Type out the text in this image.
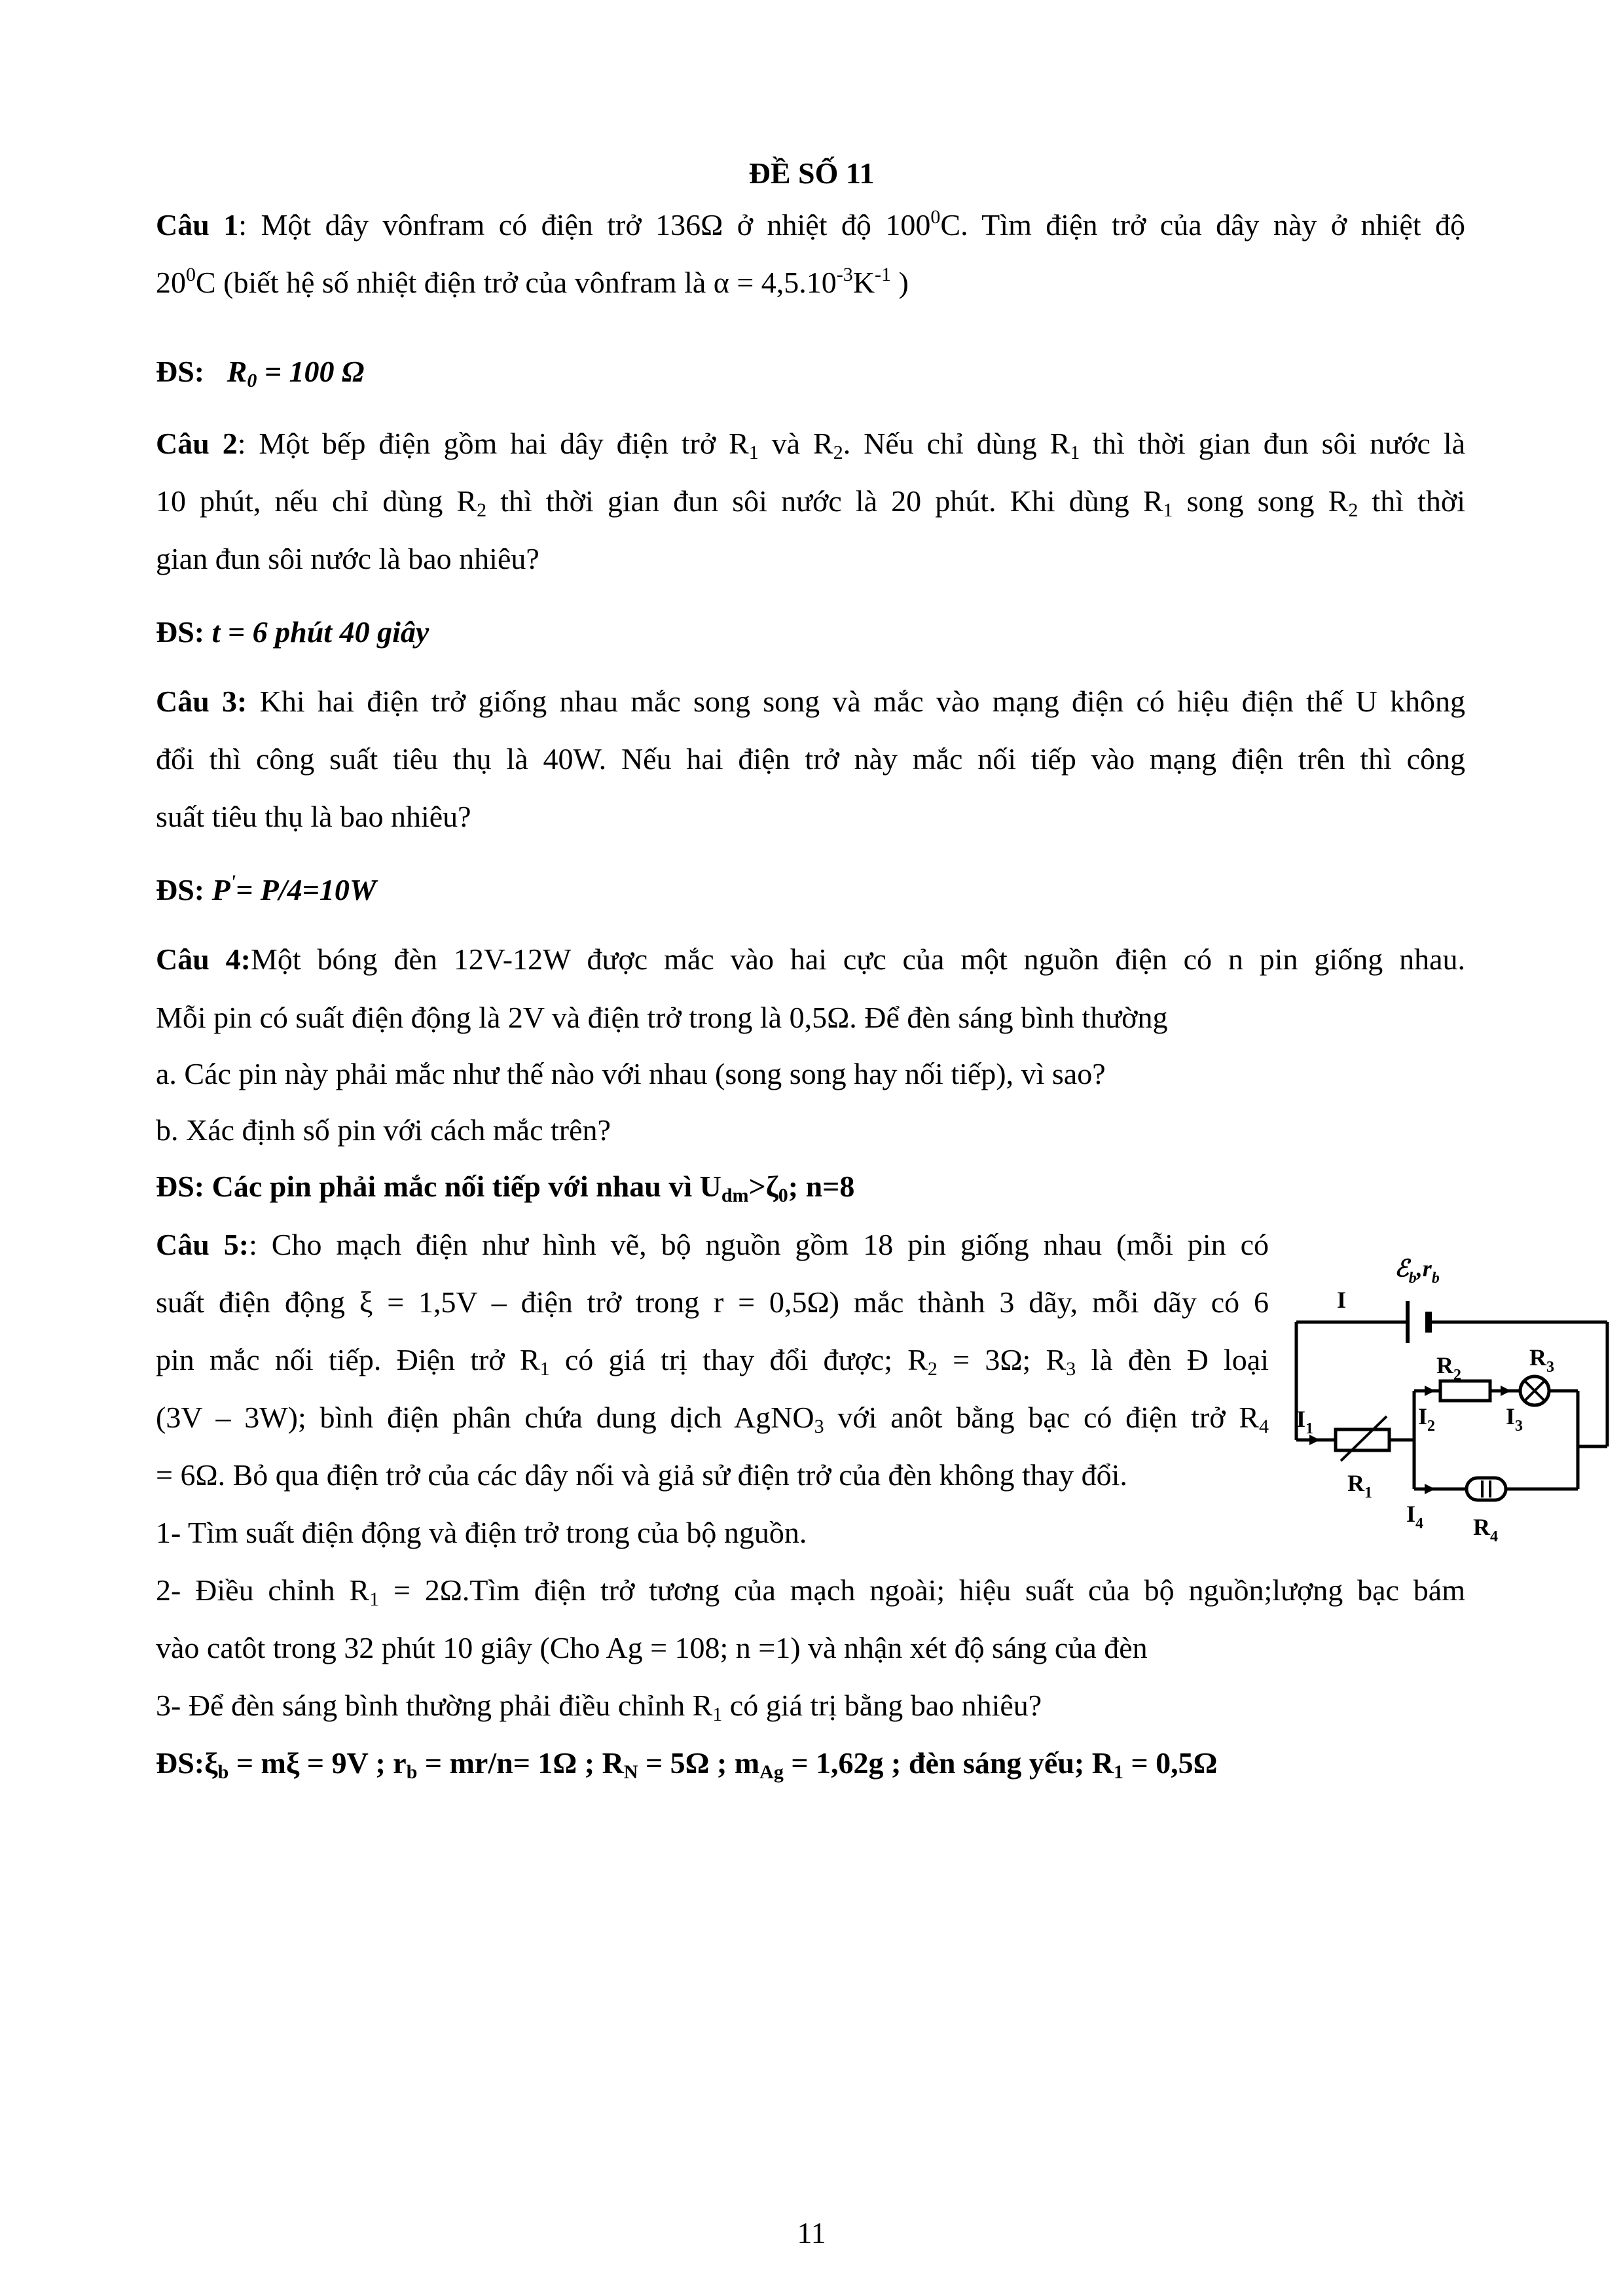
ĐỀ SỐ 11
Câu 1: Một dây vônfram có điện trở 136Ω ở nhiệt độ $100^0C$. Tìm điện trở của dây này ở nhiệt độ
$20^0C$ (biết hệ số nhiệt điện trở của vônfram là $\alpha = 4,5.10^{-3}K^{-1}$ )
ĐS: $R_0 = 100$ Ω
Câu 2: Một bếp điện gồm hai dây điện trở $R_1$ và $R_2$. Nếu chỉ dùng $R_1$ thì thời gian đun sôi nước là
10 phút, nếu chỉ dùng $R_2$ thì thời gian đun sôi nước là 20 phút. Khi dùng $R_1$ song song $R_2$ thì thời
gian đun sôi nước là bao nhiêu?
ĐS: t = 6 phút 40 giây
Câu 3: Khi hai điện trở giống nhau mắc song song và mắc vào mạng điện có hiệu điện thế U không
đổi thì công suất tiêu thụ là 40W. Nếu hai điện trở này mắc nối tiếp vào mạng điện trên thì công
suất tiêu thụ là bao nhiêu?
ĐS: P'= P/4=10W
Câu 4:Một bóng đèn 12V-12W được mắc vào hai cực của một nguồn điện có n pin giống nhau.
Mỗi pin có suất điện động là 2V và điện trở trong là 0,5Ω. Để đèn sáng bình thường
a. Các pin này phải mắc như thế nào với nhau (song song hay nối tiếp), vì sao?
b. Xác định số pin với cách mắc trên?
ĐS: Các pin phải mắc nối tiếp với nhau vì $U_{dm}>\zeta_0$; n=8
Câu 5:: Cho mạch điện như hình vẽ, bộ nguồn gồm 18 pin giống nhau (mỗi pin có
suất điện động ξ = 1,5V – điện trở trong r = 0,5Ω) mắc thành 3 dãy, mỗi dãy có 6
pin mắc nối tiếp. Điện trở $R_1$ có giá trị thay đổi được; $R_2 = 3\Omega$; $R_3$ là đèn Đ loại
(3V – 3W); bình điện phân chứa dung dịch AgNO$_3$ với anôt bằng bạc có điện trở $R_4$
= 6Ω. Bỏ qua điện trở của các dây nối và giả sử điện trở của đèn không thay đổi.
1- Tìm suất điện động và điện trở trong của bộ nguồn.
2- Điều chỉnh $R_1$ = 2Ω.Tìm điện trở tương của mạch ngoài; hiệu suất của bộ nguồn;lượng bạc bám
vào catôt trong 32 phút 10 giây (Cho Ag = 108; n =1) và nhận xét độ sáng của đèn
3- Để đèn sáng bình thường phải điều chỉnh $R_1$ có giá trị bằng bao nhiêu?
$ĐS:\xi_b = m\xi = 9V$ ; $r_b = mr/n= 1\Omega$ ; $R_N = 5\Omega$ ; $m_{Ag} = 1,62g$ ; đèn sáng yếu; $R_1 = 0,5\Omega$
$ℰ_b,r_b$
I
$I_1$
$R_1$
$I_2$
$R_2$
$I_3$
$R_3$
$I_4$ $R_4$
11
